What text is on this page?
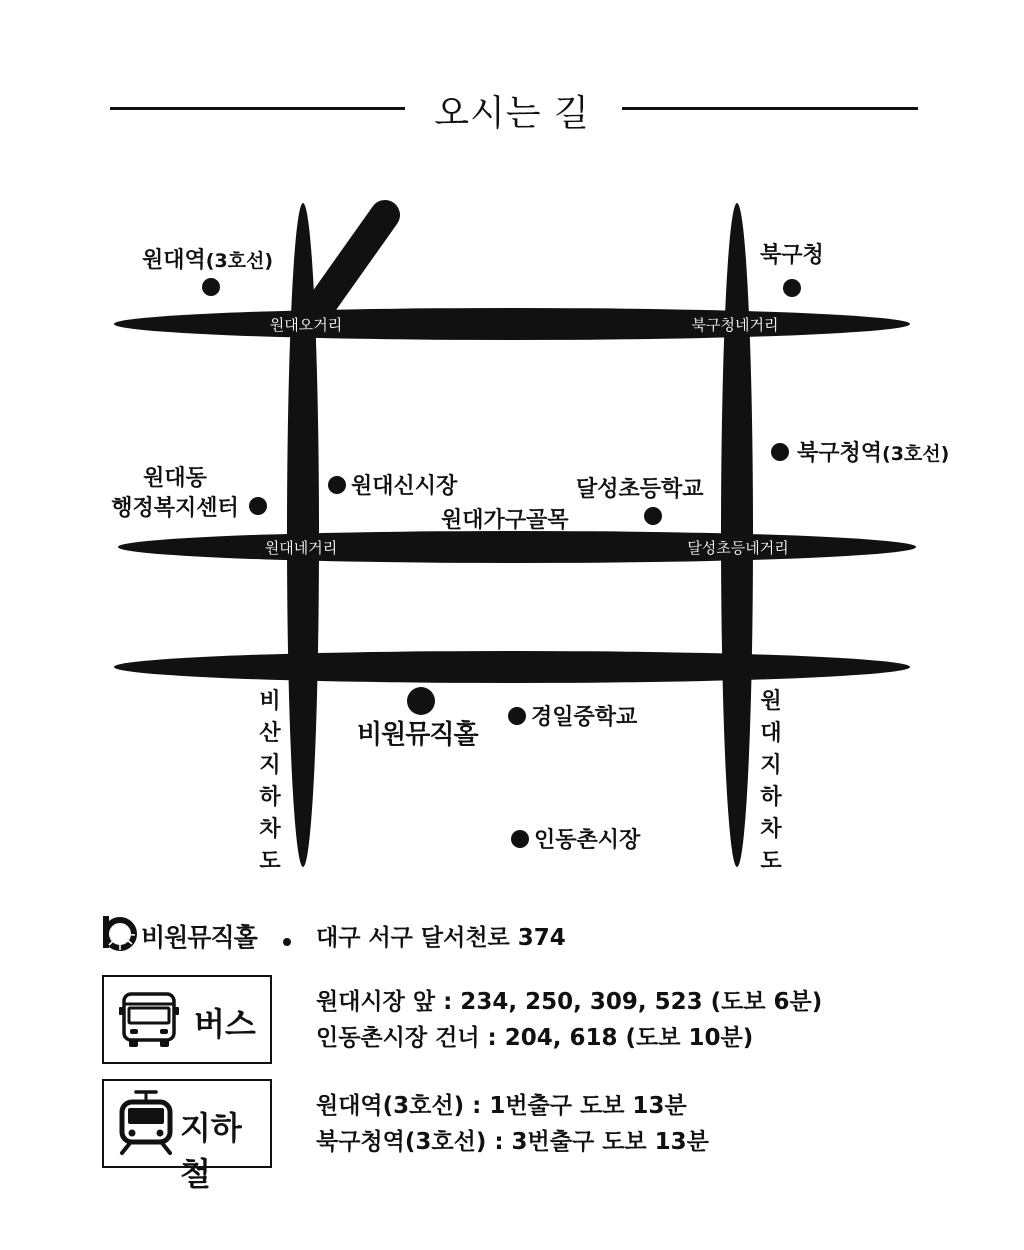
오시는 길
원대오거리	북구청네거리
원대네거리	달성초등네거리
비 산 지 하 차 도
원 대 지 하 차 도
원대역(3호선)	북구청
북구청역(3호선)
원대동
행정복지센터
원대신시장	달성초등학교
원대가구골목
비원뮤직홀
경일중학교
인동촌시장
비원뮤직홀	대구 서구 달서천로 374
버스
원대시장 앞 : 234, 250, 309, 523 (도보 6분)
인동촌시장 건너 : 204, 618 (도보 10분)
지하철
원대역(3호선) : 1번출구 도보 13분
북구청역(3호선) : 3번출구 도보 13분
